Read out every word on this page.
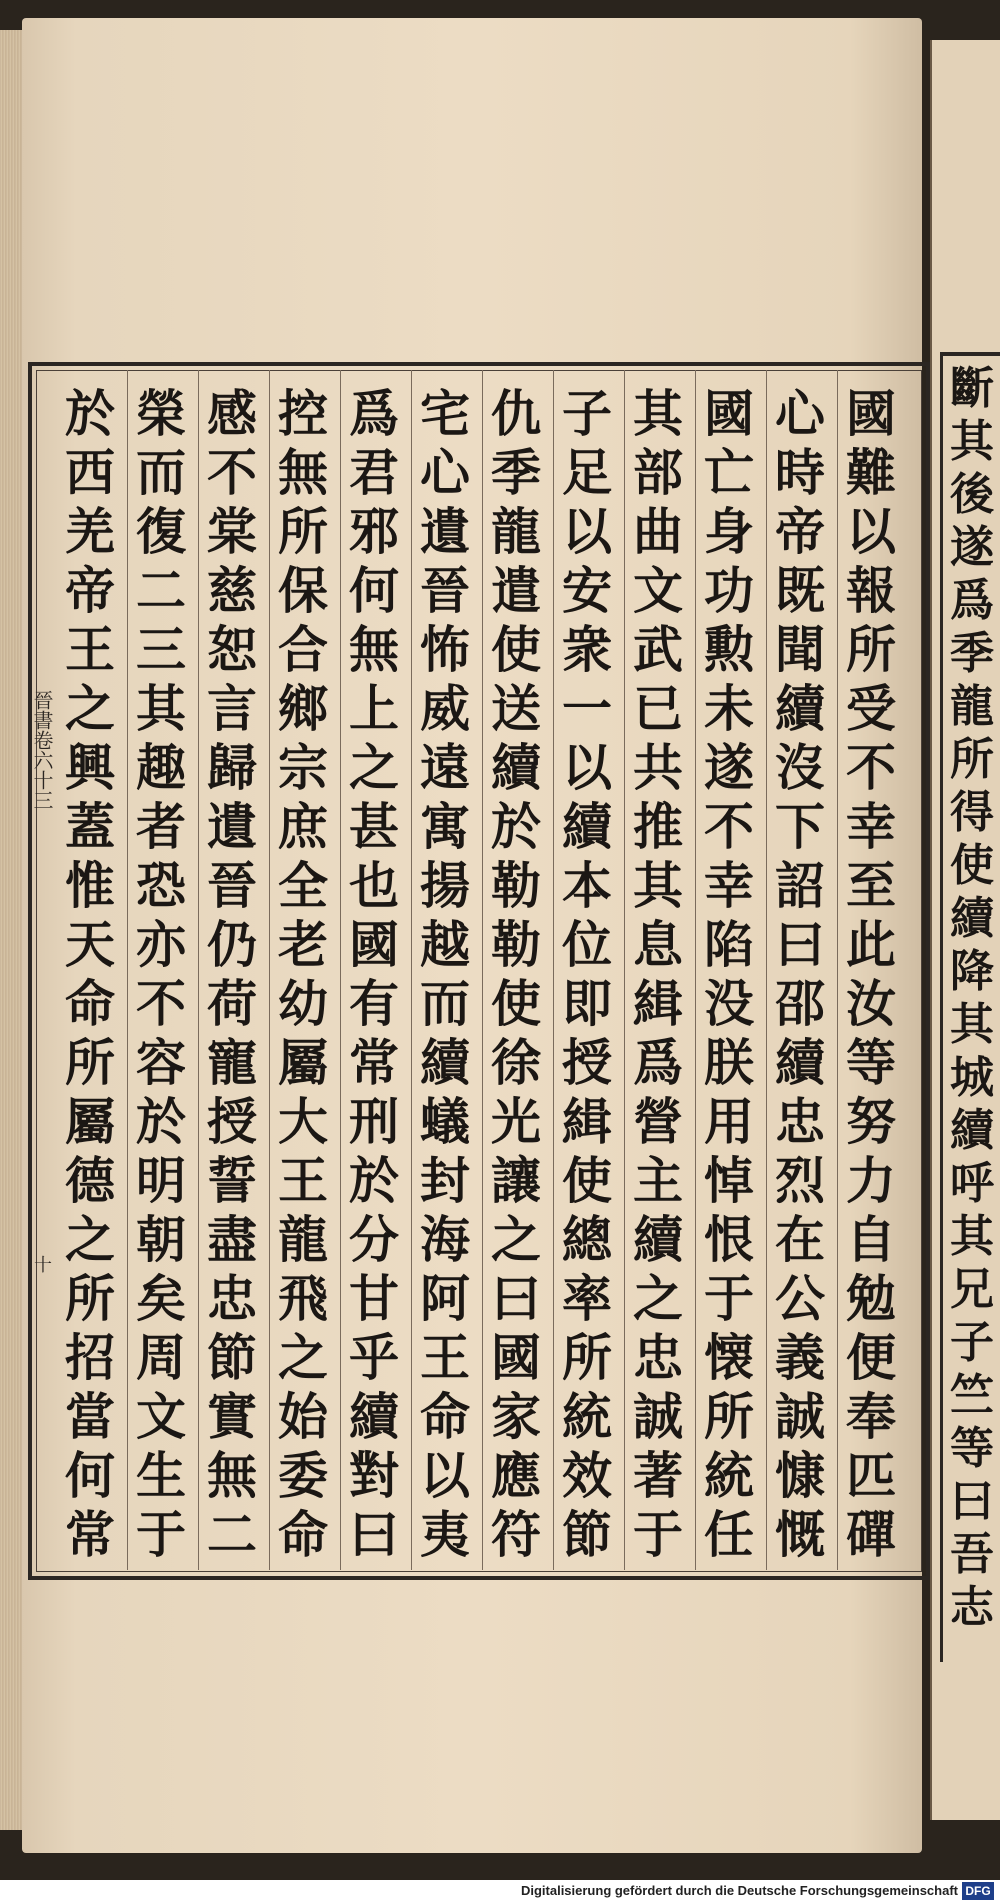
晉書卷六十三
十
國
難
以
報
所
受
不
幸
至
此
汝
等
努
力
自
勉
便
奉
匹
磾
心
時
帝
既
聞
續
沒
下
詔
曰
邵
續
忠
烈
在
公
義
誠
慷
慨
國
亡
身
功
勲
未
遂
不
幸
陷
没
朕
用
悼
恨
于
懐
所
統
任
其
部
曲
文
武
已
共
推
其
息
緝
爲
營
主
續
之
忠
誠
著
于
子
足
以
安
衆
一
以
續
本
位
即
授
緝
使
總
率
所
統
效
節
仇
季
龍
遣
使
送
續
於
勒
勒
使
徐
光
讓
之
曰
國
家
應
符
宅
心
遺
晉
怖
威
遠
寓
揚
越
而
續
蟻
封
海
阿
王
命
以
夷
爲
君
邪
何
無
上
之
甚
也
國
有
常
刑
於
分
甘
乎
續
對
曰
控
無
所
保
合
鄉
宗
庶
全
老
幼
屬
大
王
龍
飛
之
始
委
命
感
不
棠
慈
恕
言
歸
遺
晉
仍
荷
寵
授
誓
盡
忠
節
實
無
二
榮
而
復
二
三
其
趣
者
恐
亦
不
容
於
明
朝
矣
周
文
生
于
於
西
羌
帝
王
之
興
蓋
惟
天
命
所
屬
德
之
所
招
當
何
常
斷
其
後
遂
爲
季
龍
所
得
使
續
降
其
城
續
呼
其
兄
子
竺
等
曰
吾
志
Digitalisierung gefördert durch die Deutsche Forschungsgemeinschaft DFG
